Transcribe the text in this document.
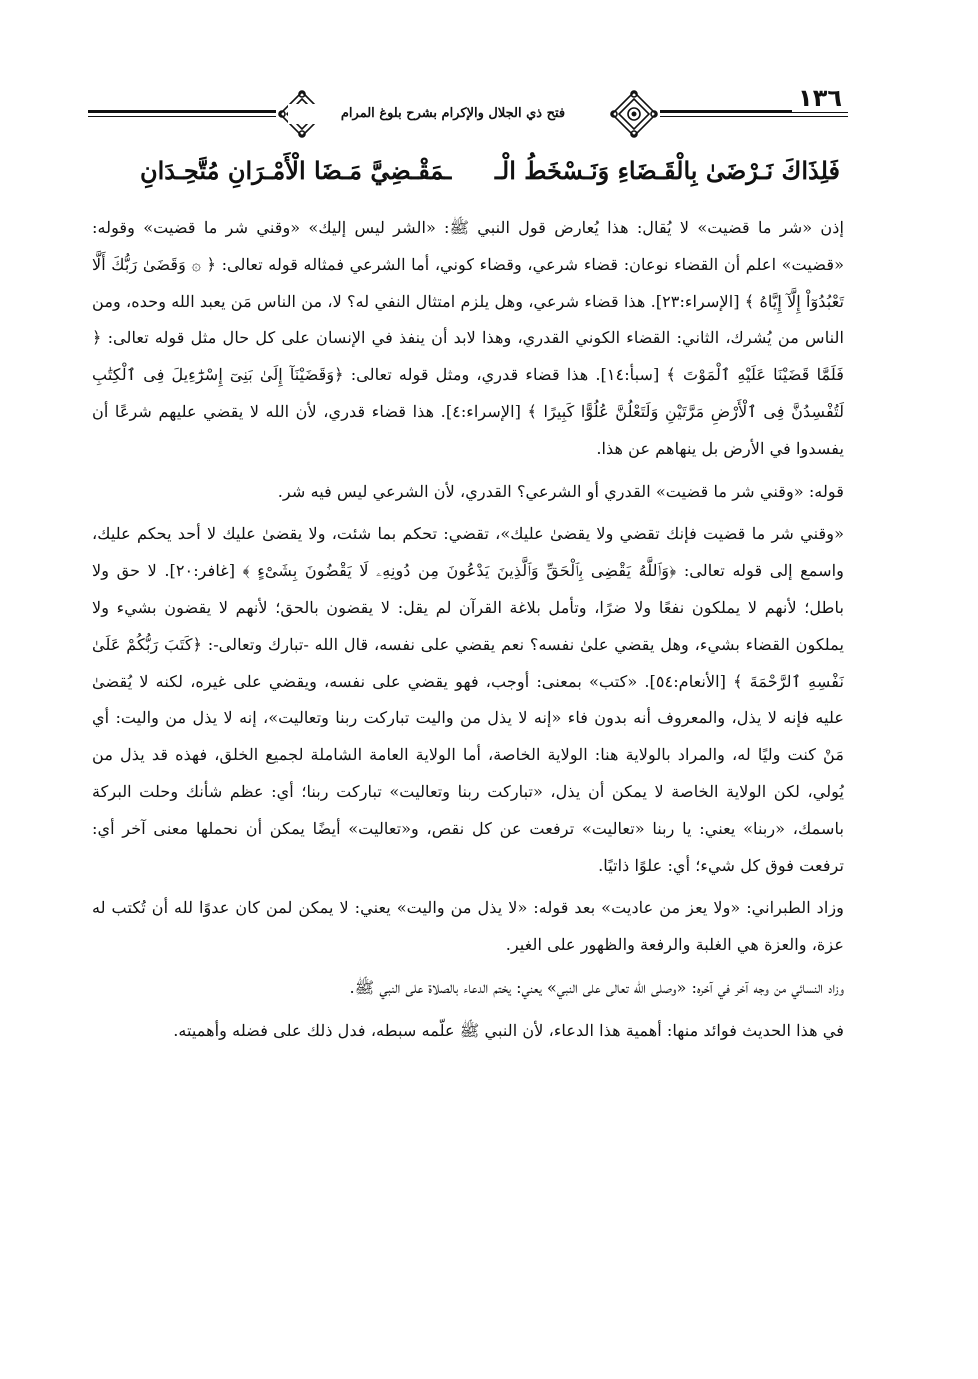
فتح ذي الجلال والإكرام بشرح بلوغ المرام
١٣٦
فَلِذَاكَ نَـرْضَىٰ بِالْقَـضَاءِ وَنَـسْخَطُ الْـ
ـمَقْـضِيَّ مَـضَا الْأَمْـرَانِ مُتَّحِـدَانِ

إذن «شر ما قضيت» لا يُقال: هذا يُعارض قول النبي ﷺ: «الشر ليس إليك» «وقني شر ما قضيت» وقوله: «قضيت» اعلم أن القضاء نوعان: قضاء شرعي، وقضاء كوني، أما الشرعي فمثاله قوله تعالى: ﴿ ۞ وَقَضَىٰ رَبُّكَ أَلَّا تَعْبُدُوٓاْ إِلَّآ إِيَّاهُ ﴾ [الإسراء:٢٣]. هذا قضاء شرعي، وهل يلزم امتثال النفي له؟ لا، من الناس مَن يعبد الله وحده، ومن الناس من يُشرك، الثاني: القضاء الكوني القدري، وهذا لابد أن ينفذ في الإنسان على كل حال مثل قوله تعالى: ﴿ فَلَمَّا قَضَيْنَا عَلَيْهِ ٱلْمَوْتَ ﴾ [سبأ:١٤]. هذا قضاء قدري، ومثل قوله تعالى: ﴿وَقَضَيْنَآ إِلَىٰ بَنِىٓ إِسْرَٰٓءِيلَ فِى ٱلْكِتَٰبِ لَتُفْسِدُنَّ فِى ٱلْأَرْضِ مَرَّتَيْنِ وَلَتَعْلُنَّ عُلُوًّا كَبِيرًا ﴾ [الإسراء:٤]. هذا قضاء قدري، لأن الله لا يقضي عليهم شرعًا أن يفسدوا في الأرض بل ينهاهم عن هذا.

قوله: «وقني شر ما قضيت» القدري أو الشرعي؟ القدري، لأن الشرعي ليس فيه شر.

«وقني شر ما قضيت فإنك تقضي ولا يقضىٰ عليك»، تقضي: تحكم بما شئت، ولا يقضىٰ عليك لا أحد يحكم عليك، واسمع إلى قوله تعالى: ﴿وَٱللَّهُ يَقْضِى بِٱلْحَقِّ وَٱلَّذِينَ يَدْعُونَ مِن دُونِهِۦ لَا يَقْضُونَ بِشَىْءٍ ﴾ [غافر:٢٠]. لا حق ولا باطل؛ لأنهم لا يملكون نفعًا ولا ضرًا، وتأمل بلاغة القرآن لم يقل: لا يقضون بالحق؛ لأنهم لا يقضون بشيء ولا يملكون القضاء بشيء، وهل يقضي علىٰ نفسه؟ نعم يقضي على نفسه، قال الله -تبارك وتعالى-: ﴿كَتَبَ رَبُّكُمْ عَلَىٰ نَفْسِهِ ٱلرَّحْمَةَ ﴾ [الأنعام:٥٤]. «كتب» بمعنى: أوجب، فهو يقضي على نفسه، ويقضي على غيره، لكنه لا يُقضىٰ عليه فإنه لا يذل، والمعروف أنه بدون فاء «إنه لا يذل من واليت تباركت ربنا وتعاليت»، إنه لا يذل من واليت: أي مَنْ كنت وليًا له، والمراد بالولاية هنا: الولاية الخاصة، أما الولاية العامة الشاملة لجميع الخلق، فهذه قد يذل من يُولي، لكن الولاية الخاصة لا يمكن أن يذل، «تباركت ربنا وتعاليت» تباركت ربنا؛ أي: عظم شأنك وحلت البركة باسمك، «ربنا» يعني: يا ربنا «تعاليت» ترفعت عن كل نقص، و«تعاليت» أيضًا يمكن أن نحملها معنى آخر أي: ترفعت فوق كل شيء؛ أي: علوًا ذاتيًا.

وزاد الطبراني: «ولا يعز من عاديت» بعد قوله: «لا يذل من واليت» يعني: لا يمكن لمن كان عدوًا لله أن تُكتب له عزة، والعزة هي الغلبة والرفعة والظهور على الغير.

وزاد النسائي من وجه آخر في آخره: «وصلى الله تعالى على النبي» يعني: يختم الدعاء بالصلاة على النبي ﷺ.

في هذا الحديث فوائد منها: أهمية هذا الدعاء، لأن النبي ﷺ علّمه سبطه، فدل ذلك على فضله وأهميته.
